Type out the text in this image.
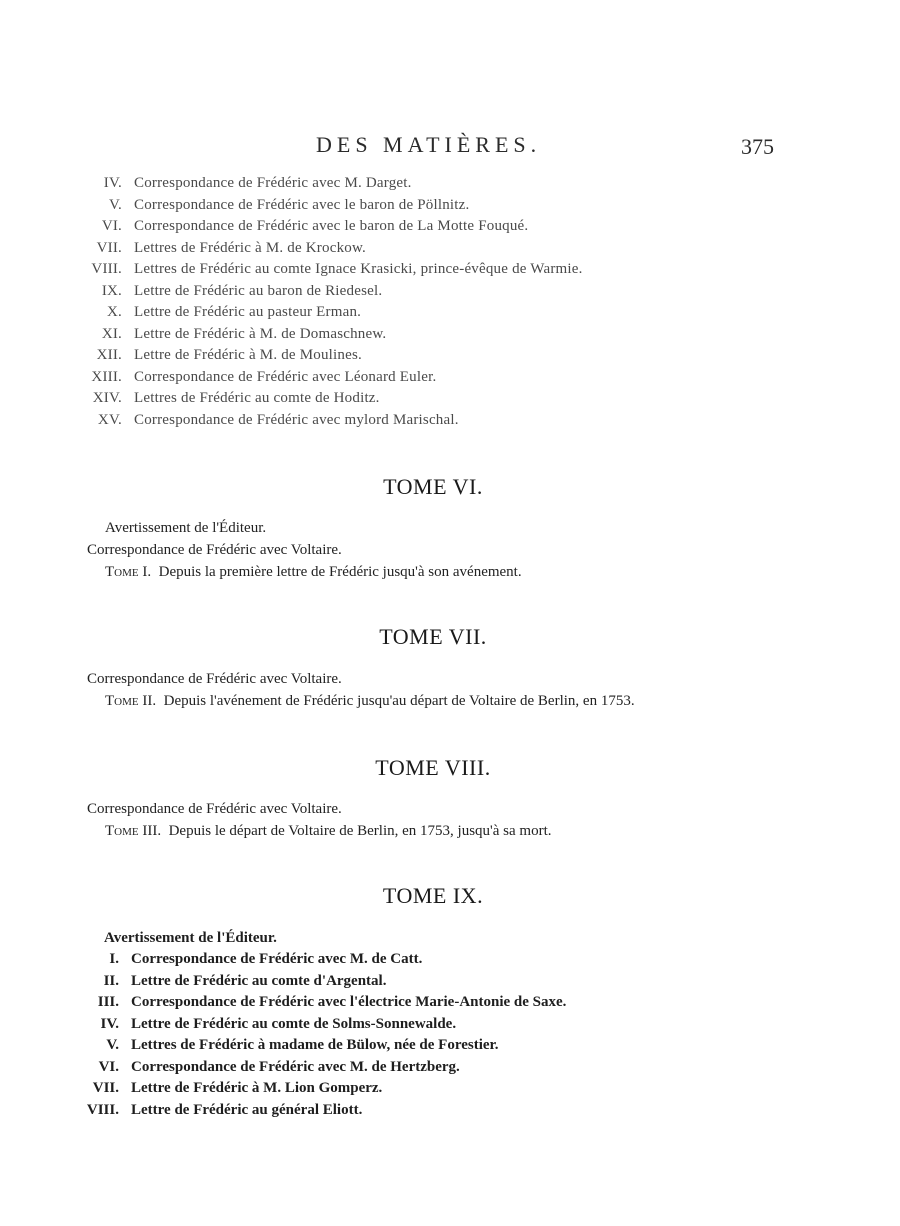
DES MATIÈRES.	375
IV. Correspondance de Frédéric avec M. Darget.
V. Correspondance de Frédéric avec le baron de Pöllnitz.
VI. Correspondance de Frédéric avec le baron de La Motte Fouqué.
VII. Lettres de Frédéric à M. de Krockow.
VIII. Lettres de Frédéric au comte Ignace Krasicki, prince-évêque de Warmie.
IX. Lettre de Frédéric au baron de Riedesel.
X. Lettre de Frédéric au pasteur Erman.
XI. Lettre de Frédéric à M. de Domaschnew.
XII. Lettre de Frédéric à M. de Moulines.
XIII. Correspondance de Frédéric avec Léonard Euler.
XIV. Lettres de Frédéric au comte de Hoditz.
XV. Correspondance de Frédéric avec mylord Marischal.
TOME VI.
Avertissement de l'Éditeur.
Correspondance de Frédéric avec Voltaire.
Tome I. Depuis la première lettre de Frédéric jusqu'à son avénement.
TOME VII.
Correspondance de Frédéric avec Voltaire.
Tome II. Depuis l'avénement de Frédéric jusqu'au départ de Voltaire de Berlin, en 1753.
TOME VIII.
Correspondance de Frédéric avec Voltaire.
Tome III. Depuis le départ de Voltaire de Berlin, en 1753, jusqu'à sa mort.
TOME IX.
Avertissement de l'Éditeur.
I. Correspondance de Frédéric avec M. de Catt.
II. Lettre de Frédéric au comte d'Argental.
III. Correspondance de Frédéric avec l'électrice Marie-Antonie de Saxe.
IV. Lettre de Frédéric au comte de Solms-Sonnewalde.
V. Lettres de Frédéric à madame de Bülow, née de Forestier.
VI. Correspondance de Frédéric avec M. de Hertzberg.
VII. Lettre de Frédéric à M. Lion Gomperz.
VIII. Lettre de Frédéric au général Eliott.
